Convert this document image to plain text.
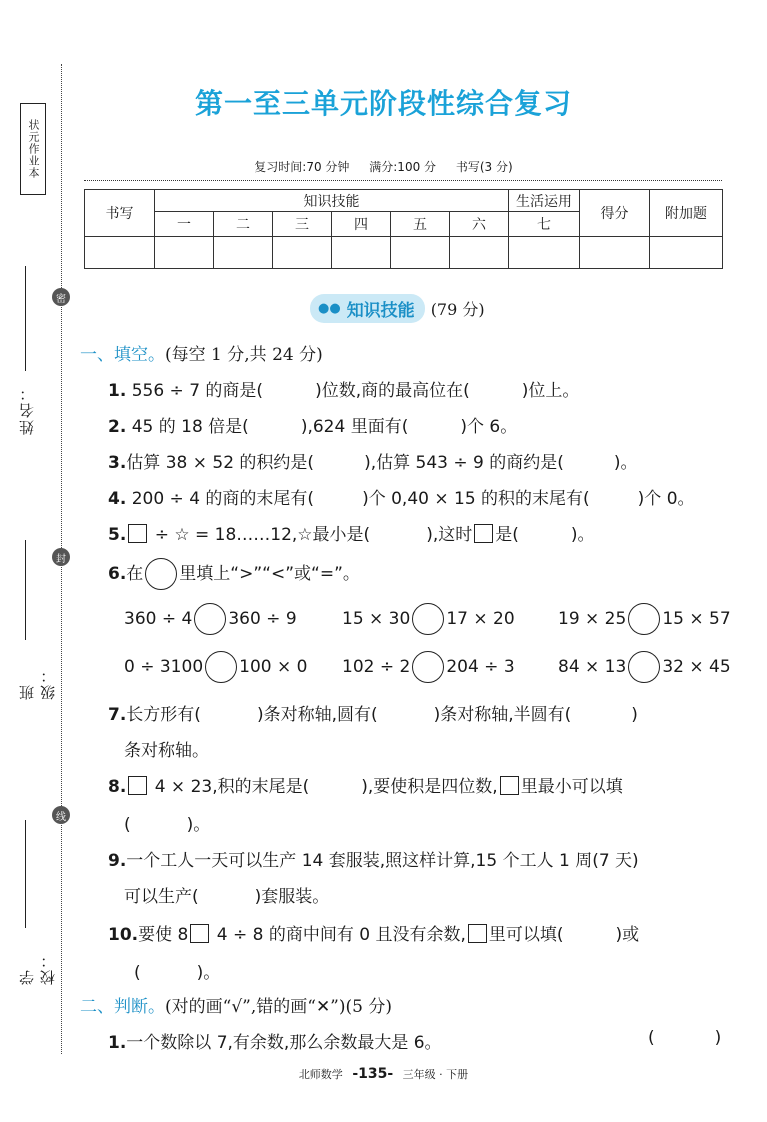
状元作业本
密
封
线
姓名：
班级：
学校：
第一至三单元阶段性综合复习
复习时间:70 分钟 满分:100 分 书写(3 分)
书写	知识技能						生活运用	得分	附加题
	一	二	三	四	五	六	七		

●● 知识技能 (79 分)
一、填空。(每空 1 分,共 24 分)
1. 556 ÷ 7 的商是(	)位数,商的最高位在(	)位上。
2. 45 的 18 倍是(	),624 里面有(	)个 6。
3.估算 38 × 52 的积约是(	),估算 543 ÷ 9 的商约是(	)。
4. 200 ÷ 4 的商的末尾有(	)个 0,40 × 15 的积的末尾有(	)个 0。
5. ÷ ☆ = 18……12,☆最小是(	),这时 是(	)。
6.在 里填上“>”“<”或“=”。
360 ÷ 4 360 ÷ 9	15 × 30 17 × 20	19 × 25 15 × 57
0 ÷ 3100 100 × 0 102 ÷ 2 204 ÷ 3	84 × 13 32 × 45
7.长方形有(	)条对称轴,圆有(	)条对称轴,半圆有(	)
条对称轴。
8. 4 × 23,积的末尾是(	),要使积是四位数, 里最小可以填
(	)。
9.一个工人一天可以生产 14 套服装,照这样计算,15 个工人 1 周(7 天)
可以生产(	)套服装。
10.要使 8 4 ÷ 8 的商中间有 0 且没有余数, 里可以填(	)或
(	)。
二、判断。(对的画“√”,错的画“✕”)(5 分)
1.一个数除以 7,有余数,那么余数最大是 6。	(	)
北师数学 -135- 三年级 · 下册
